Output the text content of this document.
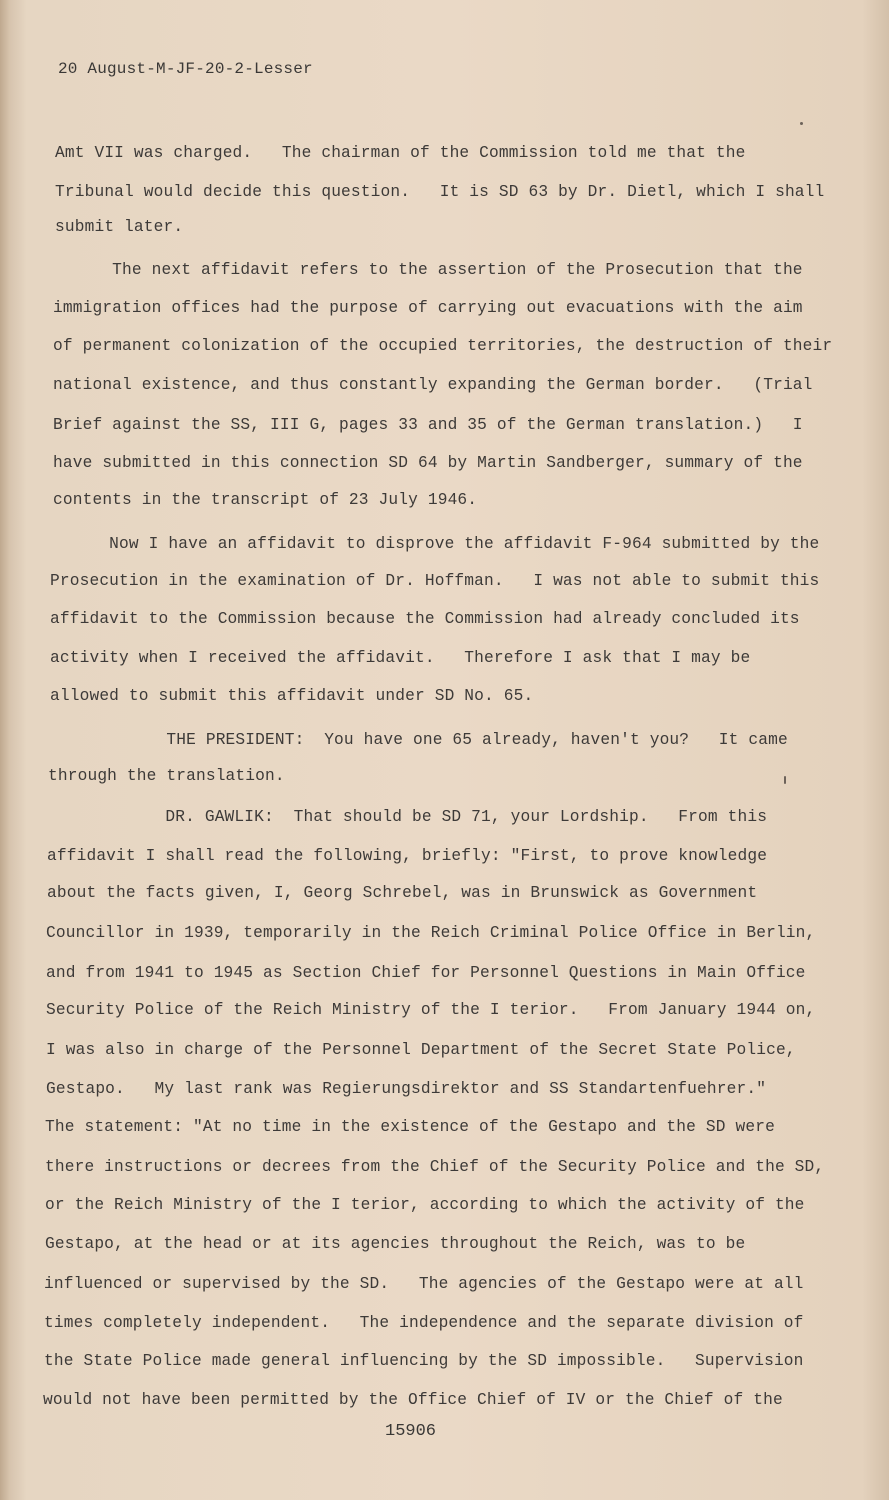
20 August-M-JF-20-2-Lesser
Amt VII was charged.   The chairman of the Commission told me that the
Tribunal would decide this question.   It is SD 63 by Dr. Dietl, which I shall
submit later.
The next affidavit refers to the assertion of the Prosecution that the
immigration offices had the purpose of carrying out evacuations with the aim
of permanent colonization of the occupied territories, the destruction of their
national existence, and thus constantly expanding the German border.   (Trial
Brief against the SS, III G, pages 33 and 35 of the German translation.)   I
have submitted in this connection SD 64 by Martin Sandberger, summary of the
contents in the transcript of 23 July 1946.
Now I have an affidavit to disprove the affidavit F-964 submitted by the
Prosecution in the examination of Dr. Hoffman.   I was not able to submit this
affidavit to the Commission because the Commission had already concluded its
activity when I received the affidavit.   Therefore I ask that I may be
allowed to submit this affidavit under SD No. 65.
THE PRESIDENT:  You have one 65 already, haven't you?   It came
through the translation.
DR. GAWLIK:  That should be SD 71, your Lordship.   From this
affidavit I shall read the following, briefly: "First, to prove knowledge
about the facts given, I, Georg Schrebel, was in Brunswick as Government
Councillor in 1939, temporarily in the Reich Criminal Police Office in Berlin,
and from 1941 to 1945 as Section Chief for Personnel Questions in Main Office
Security Police of the Reich Ministry of the I terior.   From January 1944 on,
I was also in charge of the Personnel Department of the Secret State Police,
Gestapo.   My last rank was Regierungsdirektor and SS Standartenfuehrer."
The statement: "At no time in the existence of the Gestapo and the SD were
there instructions or decrees from the Chief of the Security Police and the SD,
or the Reich Ministry of the I terior, according to which the activity of the
Gestapo, at the head or at its agencies throughout the Reich, was to be
influenced or supervised by the SD.   The agencies of the Gestapo were at all
times completely independent.   The independence and the separate division of
the State Police made general influencing by the SD impossible.   Supervision
would not have been permitted by the Office Chief of IV or the Chief of the
15906
